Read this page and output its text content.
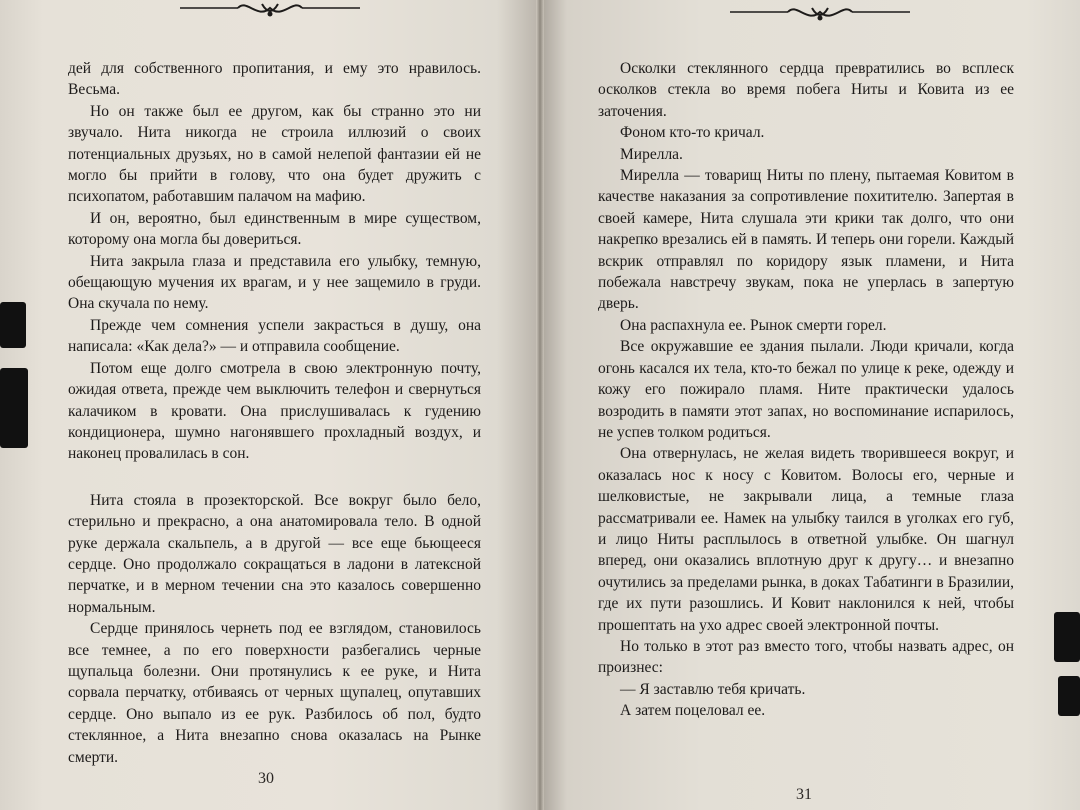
дей для собственного пропитания, и ему это нравилось. Весьма.

Но он также был ее другом, как бы странно это ни звучало. Нита никогда не строила иллюзий о своих потенциальных друзьях, но в самой нелепой фантазии ей не могло бы прийти в голову, что она будет дружить с психопатом, работавшим палачом на мафию.

И он, вероятно, был единственным в мире существом, которому она могла бы довериться.

Нита закрыла глаза и представила его улыбку, темную, обещающую мучения их врагам, и у нее защемило в груди. Она скучала по нему.

Прежде чем сомнения успели закрасться в душу, она написала: «Как дела?» — и отправила сообщение.

Потом еще долго смотрела в свою электронную почту, ожидая ответа, прежде чем выключить телефон и свернуться калачиком в кровати. Она прислушивалась к гудению кондиционера, шумно нагонявшего прохладный воздух, и наконец провалилась в сон.

Нита стояла в прозекторской. Все вокруг было бело, стерильно и прекрасно, а она анатомировала тело. В одной руке держала скальпель, а в другой — все еще бьющееся сердце. Оно продолжало сокращаться в ладони в латексной перчатке, и в мерном течении сна это казалось совершенно нормальным.

Сердце принялось чернеть под ее взглядом, становилось все темнее, а по его поверхности разбегались черные щупальца болезни. Они протянулись к ее руке, и Нита сорвала перчатку, отбиваясь от черных щупалец, опутавших сердце. Оно выпало из ее рук. Разбилось об пол, будто стеклянное, а Нита внезапно снова оказалась на Рынке смерти.

30

Осколки стеклянного сердца превратились во всплеск осколков стекла во время побега Ниты и Ковита из ее заточения.

Фоном кто-то кричал.

Мирелла.

Мирелла — товарищ Ниты по плену, пытаемая Ковитом в качестве наказания за сопротивление похитителю. Запертая в своей камере, Нита слушала эти крики так долго, что они накрепко врезались ей в память. И теперь они горели. Каждый вскрик отправлял по коридору язык пламени, и Нита побежала навстречу звукам, пока не уперлась в запертую дверь.

Она распахнула ее. Рынок смерти горел.

Все окружавшие ее здания пылали. Люди кричали, когда огонь касался их тела, кто-то бежал по улице к реке, одежду и кожу его пожирало пламя. Ните практически удалось возродить в памяти этот запах, но воспоминание испарилось, не успев толком родиться.

Она отвернулась, не желая видеть творившееся вокруг, и оказалась нос к носу с Ковитом. Волосы его, черные и шелковистые, не закрывали лица, а темные глаза рассматривали ее. Намек на улыбку таился в уголках его губ, и лицо Ниты расплылось в ответной улыбке. Он шагнул вперед, они оказались вплотную друг к другу… и внезапно очутились за пределами рынка, в доках Табатинги в Бразилии, где их пути разошлись. И Ковит наклонился к ней, чтобы прошептать на ухо адрес своей электронной почты.

Но только в этот раз вместо того, чтобы назвать адрес, он произнес:

— Я заставлю тебя кричать.

А затем поцеловал ее.

31
